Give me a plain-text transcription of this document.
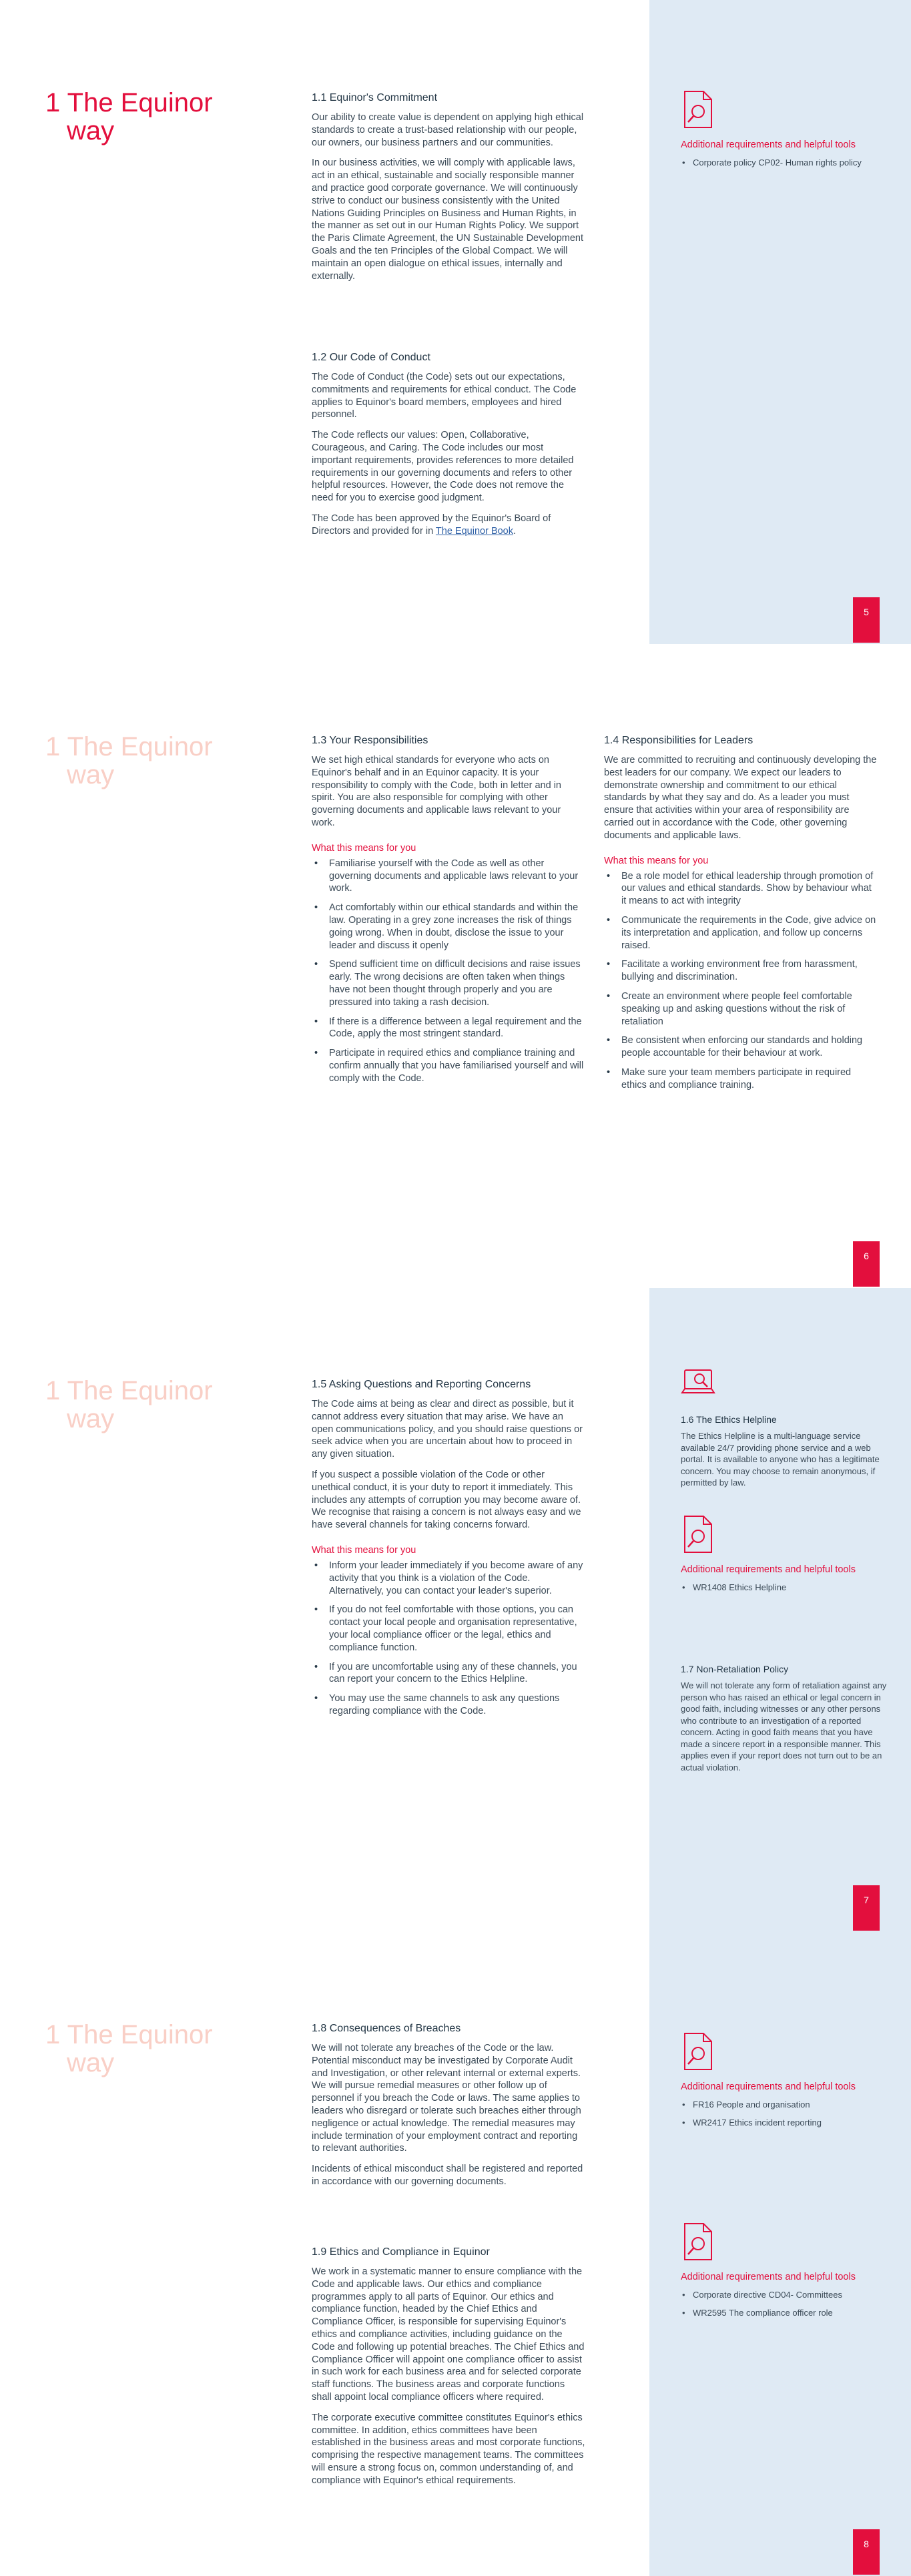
1 The Equinor
way
1.1 Equinor's Commitment

Our ability to create value is dependent on applying high ethical standards to create a trust-based relationship with our people, our owners, our business partners and our communities.

In our business activities, we will comply with applicable laws, act in an ethical, sustainable and socially responsible manner and practice good corporate governance. We will continuously strive to conduct our business consistently with the United Nations Guiding Principles on Business and Human Rights, in the manner as set out in our Human Rights Policy. We support the Paris Climate Agreement, the UN Sustainable Development Goals and the ten Principles of the Global Compact. We will maintain an open dialogue on ethical issues, internally and externally.

1.2 Our Code of Conduct

The Code of Conduct (the Code) sets out our expectations, commitments and requirements for ethical conduct. The Code applies to Equinor's board members, employees and hired personnel.

The Code reflects our values: Open, Collaborative, Courageous, and Caring. The Code includes our most important requirements, provides references to more detailed requirements in our governing documents and refers to other helpful resources. However, the Code does not remove the need for you to exercise good judgment.

The Code has been approved by the Equinor's Board of Directors and provided for in The Equinor Book.

Additional requirements and helpful tools
• Corporate policy CP02- Human rights policy
5
1 The Equinor
way
1.3 Your Responsibilities

We set high ethical standards for everyone who acts on Equinor's behalf and in an Equinor capacity. It is your responsibility to comply with the Code, both in letter and in spirit. You are also responsible for complying with other governing documents and applicable laws relevant to your work.

What this means for you
• Familiarise yourself with the Code as well as other governing documents and applicable laws relevant to your work.
• Act comfortably within our ethical standards and within the law. Operating in a grey zone increases the risk of things going wrong. When in doubt, disclose the issue to your leader and discuss it openly
• Spend sufficient time on difficult decisions and raise issues early. The wrong decisions are often taken when things have not been thought through properly and you are pressured into taking a rash decision.
• If there is a difference between a legal requirement and the Code, apply the most stringent standard.
• Participate in required ethics and compliance training and confirm annually that you have familiarised yourself and will comply with the Code.
1.4 Responsibilities for Leaders

We are committed to recruiting and continuously developing the best leaders for our company. We expect our leaders to demonstrate ownership and commitment to our ethical standards by what they say and do. As a leader you must ensure that activities within your area of responsibility are carried out in accordance with the Code, other governing documents and applicable laws.

What this means for you
• Be a role model for ethical leadership through promotion of our values and ethical standards. Show by behaviour what it means to act with integrity
• Communicate the requirements in the Code, give advice on its interpretation and application, and follow up concerns raised.
• Facilitate a working environment free from harassment, bullying and discrimination.
• Create an environment where people feel comfortable speaking up and asking questions without the risk of retaliation
• Be consistent when enforcing our standards and holding people accountable for their behaviour at work.
• Make sure your team members participate in required ethics and compliance training.
6
1 The Equinor
way
1.5 Asking Questions and Reporting Concerns

The Code aims at being as clear and direct as possible, but it cannot address every situation that may arise. We have an open communications policy, and you should raise questions or seek advice when you are uncertain about how to proceed in any given situation.

If you suspect a possible violation of the Code or other unethical conduct, it is your duty to report it immediately. This includes any attempts of corruption you may become aware of. We recognise that raising a concern is not always easy and we have several channels for taking concerns forward.

What this means for you
• Inform your leader immediately if you become aware of any activity that you think is a violation of the Code. Alternatively, you can contact your leader's superior.
• If you do not feel comfortable with those options, you can contact your local people and organisation representative, your local compliance officer or the legal, ethics and compliance function.
• If you are uncomfortable using any of these channels, you can report your concern to the Ethics Helpline.
• You may use the same channels to ask any questions regarding compliance with the Code.
1.6 The Ethics Helpline

The Ethics Helpline is a multi-language service available 24/7 providing phone service and a web portal. It is available to anyone who has a legitimate concern. You may choose to remain anonymous, if permitted by law.

Additional requirements and helpful tools
• WR1408 Ethics Helpline
1.7 Non-Retaliation Policy

We will not tolerate any form of retaliation against any person who has raised an ethical or legal concern in good faith, including witnesses or any other persons who contribute to an investigation of a reported concern. Acting in good faith means that you have made a sincere report in a responsible manner. This applies even if your report does not turn out to be an actual violation.

7
1 The Equinor
way
1.8 Consequences of Breaches

We will not tolerate any breaches of the Code or the law. Potential misconduct may be investigated by Corporate Audit and Investigation, or other relevant internal or external experts. We will pursue remedial measures or other follow up of personnel if you breach the Code or laws. The same applies to leaders who disregard or tolerate such breaches either through negligence or actual knowledge. The remedial measures may include termination of your employment contract and reporting to relevant authorities.

Incidents of ethical misconduct shall be registered and reported in accordance with our governing documents.

1.9 Ethics and Compliance in Equinor

We work in a systematic manner to ensure compliance with the Code and applicable laws. Our ethics and compliance programmes apply to all parts of Equinor. Our ethics and compliance function, headed by the Chief Ethics and Compliance Officer, is responsible for supervising Equinor's ethics and compliance activities, including guidance on the Code and following up potential breaches. The Chief Ethics and Compliance Officer will appoint one compliance officer to assist in such work for each business area and for selected corporate staff functions. The business areas and corporate functions shall appoint local compliance officers where required.

The corporate executive committee constitutes Equinor's ethics committee. In addition, ethics committees have been established in the business areas and most corporate functions, comprising the respective management teams. The committees will ensure a strong focus on, common understanding of, and compliance with Equinor's ethical requirements.

Additional requirements and helpful tools
• FR16 People and organisation
• WR2417 Ethics incident reporting
Additional requirements and helpful tools
• Corporate directive CD04- Committees
• WR2595 The compliance officer role
8
